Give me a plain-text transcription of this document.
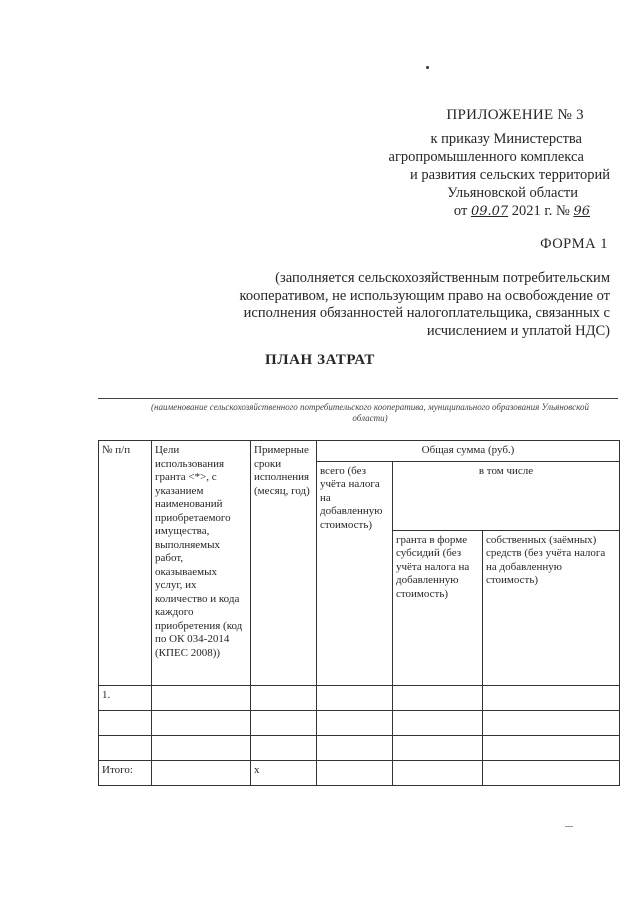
ПРИЛОЖЕНИЕ № 3
к приказу Министерства
агропромышленного комплекса
и развития сельских территорий
Ульяновской области
от 09.07 2021 г. № 96
ФОРМА 1
(заполняется сельскохозяйственным потребительским кооперативом, не использующим право на освобождение от исполнения обязанностей налогоплательщика, связанных с исчислением и уплатой НДС)
ПЛАН ЗАТРАТ
(наименование сельскохозяйственного потребительского кооператива, муниципального образования Ульяновской области)
№ п/п	Цели использования гранта <*>, с указанием наименований приобретаемого имущества, выполняемых работ, оказываемых услуг, их количество и кода каждого приобретения (код по ОК 034-2014 (КПЕС 2008))	Примерные сроки исполнения (месяц, год)	Общая сумма (руб.)		
			всего (без учёта налога на добавленную стоимость)	в том числе	
				гранта в форме субсидий (без учёта налога на добавленную стоимость)	собственных (заёмных) средств (без учёта налога на добавленную стоимость)
1.					

Итого:		x			
